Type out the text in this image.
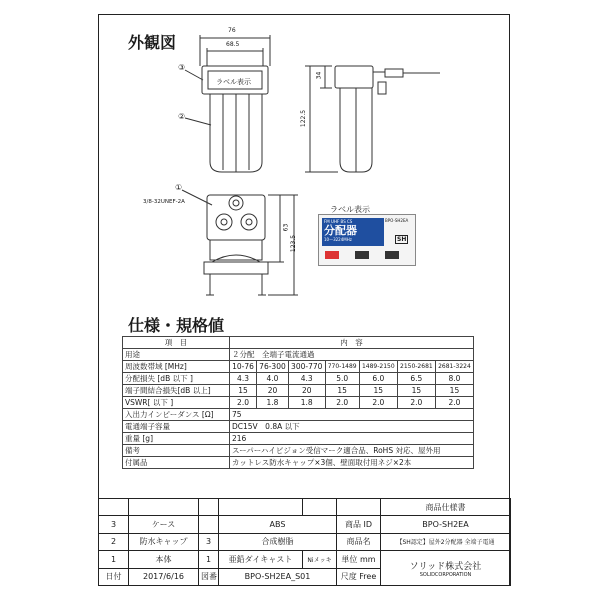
外観図
仕様・規格値
76
68.5
34
122.5
63
123.5
3/8-32UNEF-2A
③
②
①
ラベル表示
ラベル表示
FM UHF BS CS
分配器
10～3224MHz
BPO-SH2EA
SH
項　目	内　容						
用途	２分配　全端子電流通過						
周波数帯域 [MHz]	10-76	76-300	300-770	770-1489	1489-2150	2150-2681	2681-3224
分配損失 [dB 以下 ]	4.3	4.0	4.3	5.0	6.0	6.5	8.0
端子間結合損失[dB 以上]	15	20	20	15	15	15	15
VSWR[ 以下 ]	2.0	1.8	1.8	2.0	2.0	2.0	2.0
入出力インピーダンス [Ω]	75						
電通端子容量	DC15V　0.8A 以下						
重量 [g]	216						
備考	スーパーハイビジョン受信マーク適合品、RoHS 対応、屋外用						
付属品	カットレス防水キャップ×3個、壁面取付用ネジ×2本						
						商品仕様書
3	ケース		ABS		商品 ID	BPO-SH2EA
2	防水キャップ	3	合成樹脂		商品名	【SH認定】屋外2分配器 全端子電通
1	本体	1	亜鉛ダイキャスト	Niメッキ	単位 mm	ソリッド株式会社
SOLIDCORPORATION

日付	2017/6/16	図番	BPO-SH2EA_S01		尺度 Free	
